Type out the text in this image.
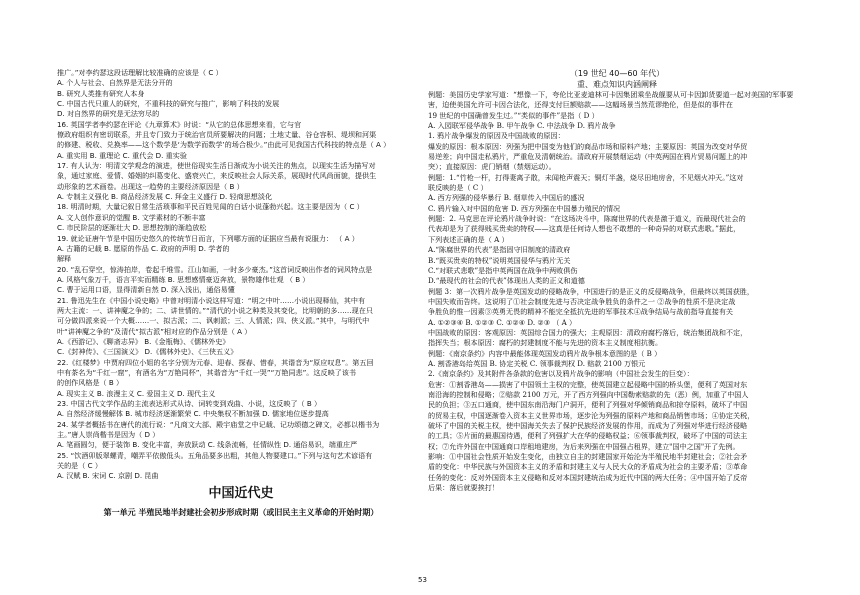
推广。”对李约瑟这段话理解比较准确的应该是（ C ）
A. 个人与社会、自然界是无法分开的
B. 研究人类推有研究人本身
C. 中国古代只重人的研究，不重科技的研究与推广，影响了科技的发展
D. 对自然界的研究是无法穷尽的
16. 英国学者李约瑟在评论《九章算术》时说：“从它的总体思想来看，它与官
僚政府组织有密切联系，并且专门致力于统治官员所要解决的问题；土地丈量、谷仓容积、堤坝和河渠
的修建、税收、兑换率——这个数学是‘为数学而数学’的场合极少。”由此可见我国古代科技的特点是（ A ）
A. 重实用 B. 重理论 C. 重代会 D. 重实验
17. 有人认为：明清文学观念的演进，使世俗现实生活日渐成为小说关注的焦点，以现实生活为描写对
象，通过家庭、爱情、婚姻的纠葛变化、盛衰兴亡，来反映社会人际关系，展现时代风尚面貌，提供生
动形象的艺术画卷。出现这一趋势的主要经济原因是（ B ）
A. 专制主义强化 B. 商品经济发展 C. 拜金主义盛行 D. 轻商思想淡化
18. 明清时期，大量记叙日常生活琐事和平民百姓见闻的白话小说蓬勃兴起。这主要是因为（ C ）
A. 文人创作意识的觉醒 B. 文学素材的不断丰富
C. 市民阶层的逐渐壮大 D. 思想控制的渐趋放松
19. 就论证唐午节是中国历史悠久的传统节日而言，下列哪方面的证据应当最有说服力： （ A ）
A. 古籍的记载 B. 愿原的作品 C. 政府的声明 D. 学者的
解释
20. “乱石穿空，惊涛拍岸，卷起千堆雪。江山如画，一时多少豪杰。”这首词反映出作者的词风特点是
A. 风格气象万千，语言平实而精练 B. 思想感情豪迈奔放，景物雄伟壮观 （ B ）
C. 曹于运用口语，显得清新自然 D. 深入浅出，通俗易懂
21. 鲁迅先生在《中国小说史略》中曾对明清小说这样写道：“明之中叶……小说出现释仙，其中有
两大主流：一、讲神魔之争的；二、讲世情的。”“清代的小说之种类及其变化，比明朝的多……现在只
可分做四派来说一个大概……一、拟古派；二、讽刺派；三、人情派；四、侠义派。”其中，与明代中
叶“讲神魔之争的”及清代“拟古派”相对应的作品分别是（ A ）
A.《西游记》、《聊斋志异》 B.《金瓶梅》、《儒林外史》
C.《封神传》、《三国演义》 D.《儒林外史》、《三侠五义》
22.《红楼梦》中贾府四位小姐的名字分别为元春、迎春、探春、惜春，其谐音为“原应叹息”。第五回
中有茶名为“千红一窟”，有酒名为“万艳同杯”，其谐音为“千红一哭”“万艳同悲”。这反映了该书
的创作风格是（ B ）
A. 现实主义 B. 浪漫主义 C. 爱国主义 D. 现代主义
23. 中国古代文学作品的主流表达形式从诗、词转变到戏曲、小说，这反映了（ B ）
A. 自然经济缓慢解体 B. 城市经济逐渐繁荣 C. 中央集权不断加强 D. 儒家地位逐步提高
24. 某学者概括书在唐代的流行说：“凡商文大部、殿宇庙堂之中记载、记功颂德之碑文，必都以楷书为
主。”唐人崇尚楷书是因为（ D ）
A. 笔画圆匀，便于装饰 B. 变化丰富，奔放跃动 C. 线条流畅，任情纵性 D. 通俗易识，端重庄严
25. “饮酒卯版翠螺青，嘲弄平依傲低头。五角品要多出粗，其他人物要建口。”下列与这句艺术谚语有
关的是（ C ）
A. 汉赋 B. 宋词 C. 京剧 D. 昆曲
中国近代史
第一单元 半殖民地半封建社会初步形成时期（或旧民主主义革命的开始时期）
（19 世纪 40—60 年代）
重、难点知识内涵阐释
例题：美国历史学家写道：“想像一下，夸伦比亚麦迪林可卡因集团乘坐战舰要从可卡因卸货要道一起对美国的军事要
害，迫使美国允许可卡因合法化，还得支付巨额赔款——这幅场景当然荒谬绝伦，但是似的事件在
19 世纪的中国确曾发生过。”“类似的事件”是指（ D ）
A. 入园联军侵华战争 B. 甲午战争 C. 中法战争 D. 鸦片战争
1. 鸦片战争爆发的原因及中国战败的原因：
爆发的原因：根本原因：列强为把中国变为他们的商品市场和原料产地；主要原因：英国为改变对华贸
易逆差；向中国走私鸦片，严重危及清朝统治。清政府开展禁烟运动（中英两国在鸦片贸易问题上的冲
突）；直接原因：虎门销烟（禁烟运动）。
例题：1.“竹枪一杆，打得妻离子散，未闻枪声震天；铜灯半盏，烧尽田地房舍，不见烟火冲天。”这对
联反映的是（ C ）
A. 西方列强的侵华暴行 B. 烟草传入中国后的盛况
C. 鸦片输入对中国的危害 D. 西方列强在中国暴力殖民的情况
例题：2. 马克思在评论鸦片战争时说：“在这场决斗中，陈腐世界的代表是激于道义，而最现代社会的
代表却是为了获得贱买贵卖的特权——这真是任何诗人想也不敢想的一种奇异的对联式悲歌。”据此，
下列表述正确的是（ A ）
A.“陈腐世界的代表”是指固守旧制度的清政府
B.“既买贵卖的特权”说明英国侵华与鸦片无关
C.“对联式悲歌”是指中英两国在战争中两败俱伤
D.“最现代的社会的代表”体现出人类的正义和道德
例题 3：第一次鸦片战争是英国发动的侵略战争，中国进行的是正义的反侵略战争，但最终以英国获胜，
中国失败而告终。这说明了①社会制度先进与否决定战争胜负的条件之一 ②战争的性质不是决定战
争胜负的惟一因素③英勇无畏的精神不能完全抵抗先进的军事技术④战争结局与战前指导直接有关
A. ①②③④ B. ①②③ C. ①②④ D. ②③ （ A ）
中国战败的原因：客观原因：英国综合国力的强大；主观原因：清政府腐朽落后，统治集团战和不定，
指挥失当；根本原因：腐朽的封建制度不能与先进的资本主义制度相抗衡。
例题：《南京条约》内容中最能体现英国发动鸦片战争根本意图的是（ B ）
A. 割香港岛给英国 B. 协定关税 C. 领事裁判权 D. 赔款 2100 万银元
2.《南京条约》及其附件各条款的危害以及鸦片战争的影响（中国社会发生的巨变）：
危害：①割香港岛——损害了中国领土主权的完整，使英国建立起侵略中国的桥头堡，便利了英国对东
南沿海的控制和侵略；②赔款 2100 万元，开了西方列强向中国勒索赔款的先（恶）例，加重了中国人
民的负担；③五口通商，使中国东南沿海门户洞开，便利了列强对华倾销商品和掠夺原料，破坏了中国
的贸易主权，中国逐渐卷入资本主义世界市场，逐步沦为列强的原料产地和商品销售市场；④协定关税，
破坏了中国的关税主权，使中国海关失去了保护民族经济发展的作用，而成为了列强对华进行经济侵略
的工具；⑤片面的最惠国待遇，便利了列强扩大在华的侵略权益；⑥领事裁判权，破坏了中国的司法主
权；⑦允许外国在中国通商口岸租地建房，为后来列强在中国强占租界，建立"国中之国"开了先例。
影响：①中国社会性质开始发生变化，由独立自主的封建国家开始沦为半殖民地半封建社会；②社会矛
盾的变化：中华民族与外国资本主义的矛盾和封建主义与人民大众的矛盾成为社会的主要矛盾；③革命
任务的变化：反对外国资本主义侵略和反对本国封建统治成为近代中国的两大任务；④中国开始了反帝
后果：落后就要挨打！
53
